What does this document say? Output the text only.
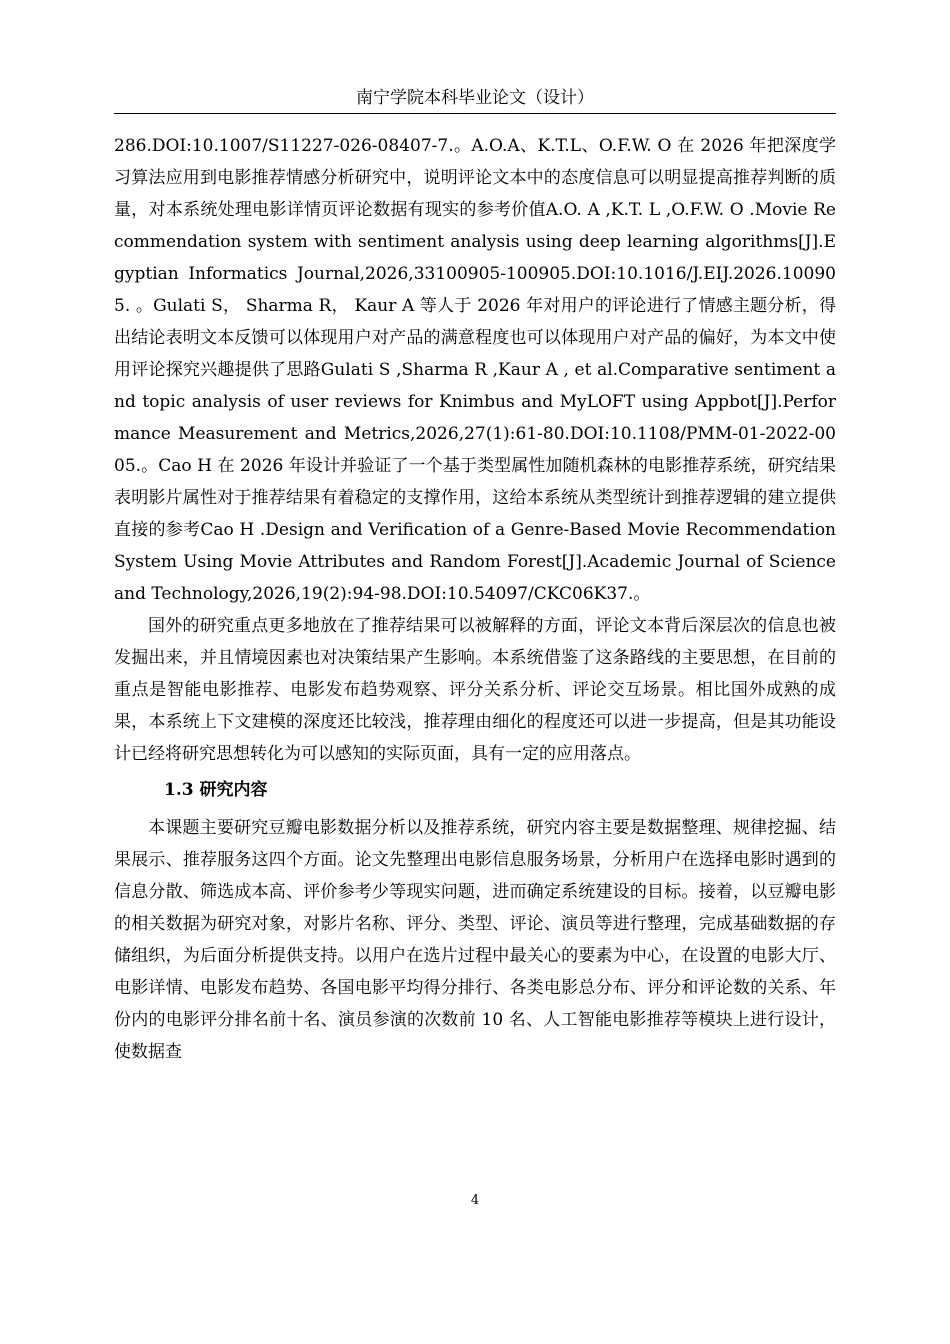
南宁学院本科毕业论文（设计）

286.DOI:10.1007/S11227-026-08407-7.。A.O.A、K.T.L、O.F.W. O 在 2026 年把深度学习算法应用到电影推荐情感分析研究中，说明评论文本中的态度信息可以明显提高推荐判断的质量，对本系统处理电影详情页评论数据有现实的参考价值A.O. A ,K.T. L ,O.F.W. O .Movie Recommendation system with sentiment analysis using deep learning algorithms[J].Egyptian Informatics Journal,2026,33100905-100905.DOI:10.1016/J.EIJ.2026.100905. 。Gulati S， Sharma R， Kaur A 等人于 2026 年对用户的评论进行了情感主题分析，得出结论表明文本反馈可以体现用户对产品的满意程度也可以体现用户对产品的偏好，为本文中使用评论探究兴趣提供了思路Gulati S ,Sharma R ,Kaur A , et al.Comparative sentiment and topic analysis of user reviews for Knimbus and MyLOFT using Appbot[J].Performance Measurement and Metrics,2026,27(1):61-80.DOI:10.1108/PMM-01-2022-0005.。Cao H 在 2026 年设计并验证了一个基于类型属性加随机森林的电影推荐系统，研究结果表明影片属性对于推荐结果有着稳定的支撑作用，这给本系统从类型统计到推荐逻辑的建立提供直接的参考Cao H .Design and Verification of a Genre-Based Movie Recommendation System Using Movie Attributes and Random Forest[J].Academic Journal of Science and Technology,2026,19(2):94-98.DOI:10.54097/CKC06K37.。

国外的研究重点更多地放在了推荐结果可以被解释的方面，评论文本背后深层次的信息也被发掘出来，并且情境因素也对决策结果产生影响。本系统借鉴了这条路线的主要思想，在目前的重点是智能电影推荐、电影发布趋势观察、评分关系分析、评论交互场景。相比国外成熟的成果，本系统上下文建模的深度还比较浅，推荐理由细化的程度还可以进一步提高，但是其功能设计已经将研究思想转化为可以感知的实际页面，具有一定的应用落点。

1.3 研究内容

本课题主要研究豆瓣电影数据分析以及推荐系统，研究内容主要是数据整理、规律挖掘、结果展示、推荐服务这四个方面。论文先整理出电影信息服务场景，分析用户在选择电影时遇到的信息分散、筛选成本高、评价参考少等现实问题，进而确定系统建设的目标。接着，以豆瓣电影的相关数据为研究对象，对影片名称、评分、类型、评论、演员等进行整理，完成基础数据的存储组织，为后面分析提供支持。以用户在选片过程中最关心的要素为中心，在设置的电影大厅、电影详情、电影发布趋势、各国电影平均得分排行、各类电影总分布、评分和评论数的关系、年份内的电影评分排名前十名、演员参演的次数前 10 名、人工智能电影推荐等模块上进行设计，使数据查

4
